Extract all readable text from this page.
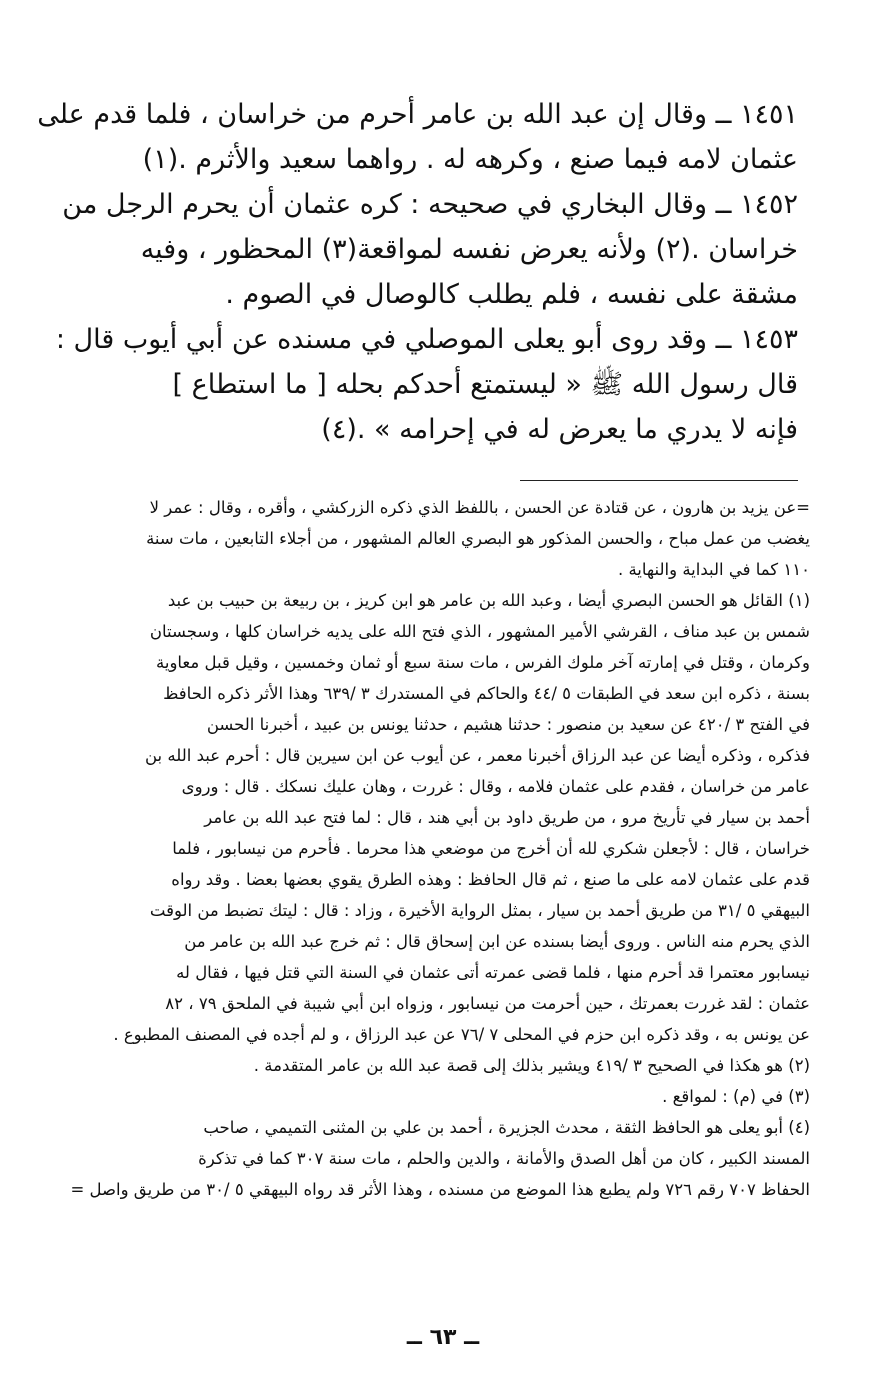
١٤٥١ ــ وقال إن عبد الله بن عامر أحرم من خراسان ، فلما قدم على
عثمان لامه فيما صنع ، وكرهه له . رواهما سعيد والأثرم .(١)
١٤٥٢ ــ وقال البخاري في صحيحه : كره عثمان أن يحرم الرجل من
خراسان .(٢) ولأنه يعرض نفسه لمواقعة(٣) المحظور ، وفيه
مشقة على نفسه ، فلم يطلب كالوصال في الصوم .
١٤٥٣ ــ وقد روى أبو يعلى الموصلي في مسنده عن أبي أيوب قال :
قال رسول الله ﷺ « ليستمتع أحدكم بحله [ ما استطاع ]
فإنه لا يدري ما يعرض له في إحرامه » .(٤)
=عن يزيد بن هارون ، عن قتادة عن الحسن ، باللفظ الذي ذكره الزركشي ، وأقره ، وقال : عمر لا
يغضب من عمل مباح ، والحسن المذكور هو البصري العالم المشهور ، من أجلاء التابعين ، مات سنة
١١٠ كما في البداية والنهاية .
(١) القائل هو الحسن البصري أيضا ، وعبد الله بن عامر هو ابن كريز ، بن ربيعة بن حبيب بن عبد
شمس بن عبد مناف ، القرشي الأمير المشهور ، الذي فتح الله على يديه خراسان كلها ، وسجستان
وكرمان ، وقتل في إمارته آخر ملوك الفرس ، مات سنة سبع أو ثمان وخمسين ، وقيل قبل معاوية
بسنة ، ذكره ابن سعد في الطبقات ٥ /٤٤ والحاكم في المستدرك ٣ /٦٣٩ وهذا الأثر ذكره الحافظ
في الفتح ٣ /٤٢٠ عن سعيد بن منصور : حدثنا هشيم ، حدثنا يونس بن عبيد ، أخبرنا الحسن
فذكره ، وذكره أيضا عن عبد الرزاق أخبرنا معمر ، عن أيوب عن ابن سيرين قال : أحرم عبد الله بن
عامر من خراسان ، فقدم على عثمان فلامه ، وقال : غررت ، وهان عليك نسكك . قال : وروى
أحمد بن سيار في تأريخ مرو ، من طريق داود بن أبي هند ، قال : لما فتح عبد الله بن عامر
خراسان ، قال : لأجعلن شكري لله أن أخرج من موضعي هذا محرما . فأحرم من نيسابور ، فلما
قدم على عثمان لامه على ما صنع ، ثم قال الحافظ : وهذه الطرق يقوي بعضها بعضا . وقد رواه
البيهقي ٥ /٣١ من طريق أحمد بن سيار ، بمثل الرواية الأخيرة ، وزاد : قال : ليتك تضبط من الوقت
الذي يحرم منه الناس . وروى أيضا بسنده عن ابن إسحاق قال : ثم خرج عبد الله بن عامر من
نيسابور معتمرا قد أحرم منها ، فلما قضى عمرته أتى عثمان في السنة التي قتل فيها ، فقال له
عثمان : لقد غررت بعمرتك ، حين أحرمت من نيسابور ، وزواه ابن أبي شيبة في الملحق ٧٩ ، ٨٢
عن يونس به ، وقد ذكره ابن حزم في المحلى ٧ /٧٦ عن عبد الرزاق ، و لم أجده في المصنف المطبوع .
(٢) هو هكذا في الصحيح ٣ /٤١٩ ويشير بذلك إلى قصة عبد الله بن عامر المتقدمة .
(٣) في (م) : لمواقع .
(٤) أبو يعلى هو الحافظ الثقة ، محدث الجزيرة ، أحمد بن علي بن المثنى التميمي ، صاحب
المسند الكبير ، كان من أهل الصدق والأمانة ، والدين والحلم ، مات سنة ٣٠٧ كما في تذكرة
الحفاظ ٧٠٧ رقم ٧٢٦ ولم يطبع هذا الموضع من مسنده ، وهذا الأثر قد رواه البيهقي ٥ /٣٠ من طريق واصل =
ــ ٦٣ ــ
